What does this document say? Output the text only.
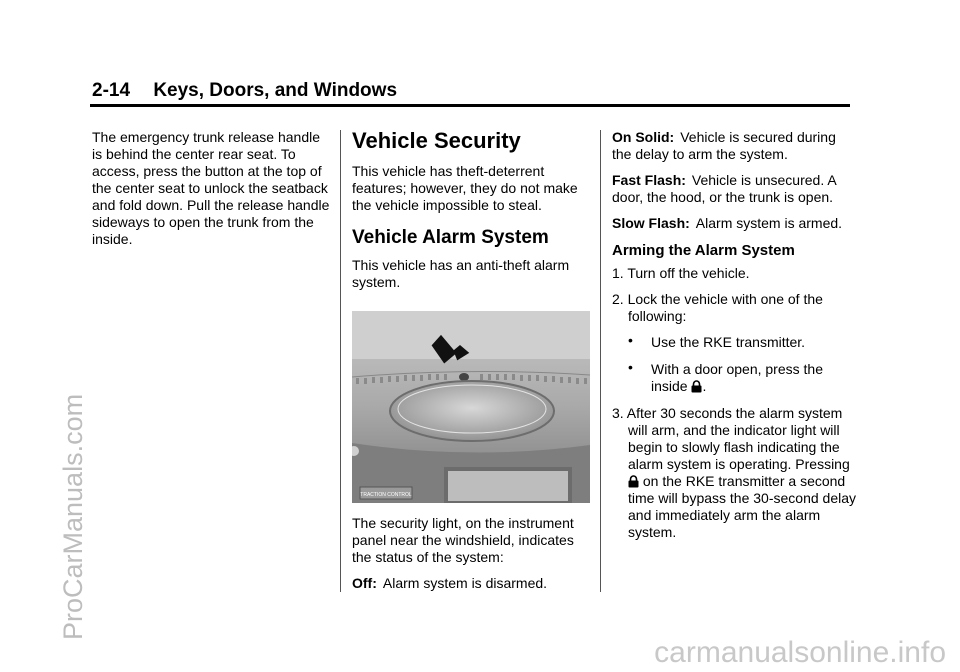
ProCarManuals.com
carmanualsonline.info
2-14 Keys, Doors, and Windows

The emergency trunk release handle is behind the center rear seat. To access, press the button at the top of the center seat to unlock the seatback and fold down. Pull the release handle sideways to open the trunk from the inside.

Vehicle Security

This vehicle has theft-deterrent features; however, they do not make the vehicle impossible to steal.

Vehicle Alarm System

This vehicle has an anti-theft alarm system.

TRACTION CONTROL

The security light, on the instrument panel near the windshield, indicates the status of the system:

Off: Alarm system is disarmed.

On Solid: Vehicle is secured during the delay to arm the system.

Fast Flash: Vehicle is unsecured. A door, the hood, or the trunk is open.

Slow Flash: Alarm system is armed.

Arming the Alarm System

1. Turn off the vehicle.

2. Lock the vehicle with one of the following:

• Use the RKE transmitter.
• With a door open, press the inside .

3. After 30 seconds the alarm system will arm, and the indicator light will begin to slowly flash indicating the alarm system is operating. Pressing  on the RKE transmitter a second time will bypass the 30-second delay and immediately arm the alarm system.
